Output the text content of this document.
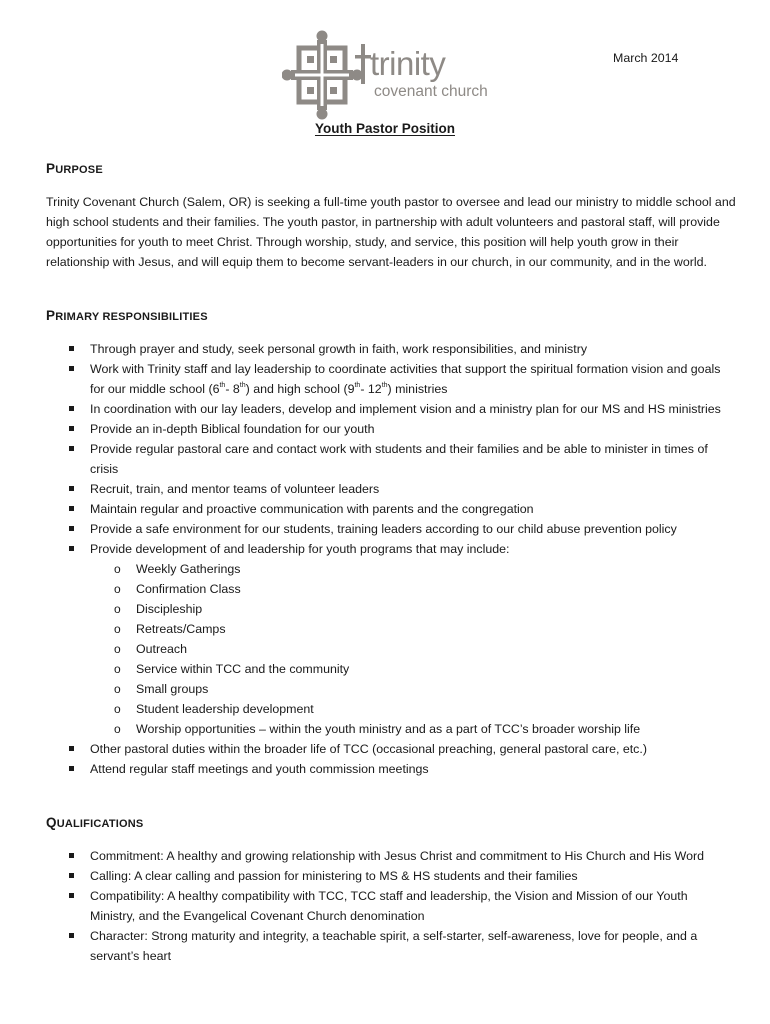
trinity
covenant church
March 2014
Youth Pastor Position
PURPOSE

Trinity Covenant Church (Salem, OR) is seeking a full-time youth pastor to oversee and lead our ministry to middle school and high school students and their families. The youth pastor, in partnership with adult volunteers and pastoral staff, will provide opportunities for youth to meet Christ. Through worship, study, and service, this position will help youth grow in their relationship with Jesus, and will equip them to become servant-leaders in our church, in our community, and in the world.

PRIMARY RESPONSIBILITIES
Through prayer and study, seek personal growth in faith, work responsibilities, and ministry
Work with Trinity staff and lay leadership to coordinate activities that support the spiritual formation vision and goals for our middle school (6th- 8th) and high school (9th- 12th) ministries
In coordination with our lay leaders, develop and implement vision and a ministry plan for our MS and HS ministries
Provide an in-depth Biblical foundation for our youth
Provide regular pastoral care and contact work with students and their families and be able to minister in times of crisis
Recruit, train, and mentor teams of volunteer leaders
Maintain regular and proactive communication with parents and the congregation
Provide a safe environment for our students, training leaders according to our child abuse prevention policy
Provide development of and leadership for youth programs that may include:
o Weekly Gatherings
o Confirmation Class
o Discipleship
o Retreats/Camps
o Outreach
o Service within TCC and the community
o Small groups
o Student leadership development
o Worship opportunities – within the youth ministry and as a part of TCC’s broader worship life
Other pastoral duties within the broader life of TCC (occasional preaching, general pastoral care, etc.)
Attend regular staff meetings and youth commission meetings
QUALIFICATIONS
Commitment: A healthy and growing relationship with Jesus Christ and commitment to His Church and His Word
Calling: A clear calling and passion for ministering to MS & HS students and their families
Compatibility: A healthy compatibility with TCC, TCC staff and leadership, the Vision and Mission of our Youth Ministry, and the Evangelical Covenant Church denomination
Character: Strong maturity and integrity, a teachable spirit, a self-starter, self-awareness, love for people, and a servant’s heart
